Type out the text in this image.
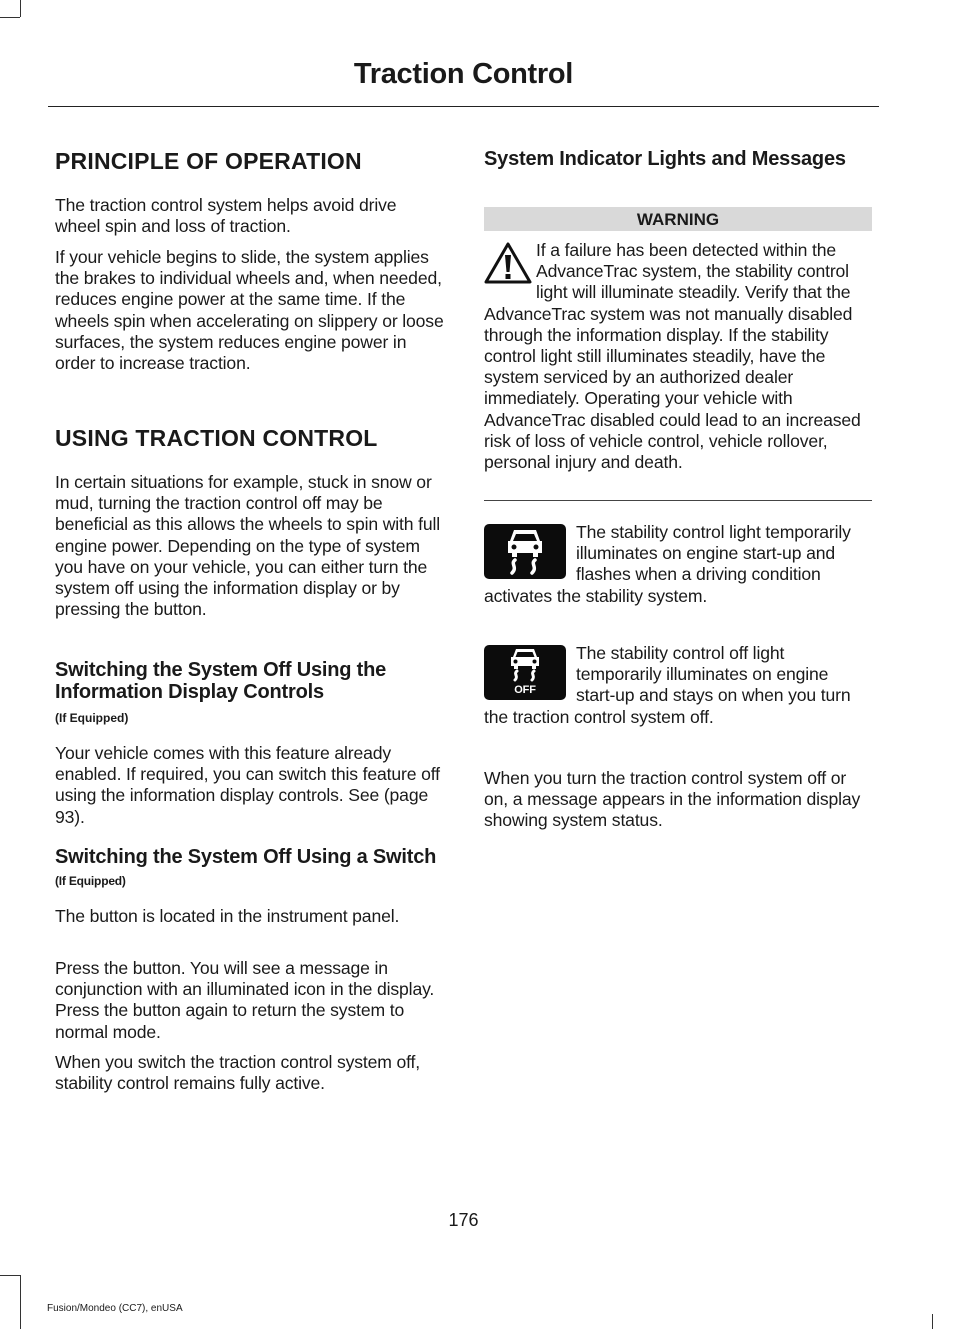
Traction Control
PRINCIPLE OF OPERATION

The traction control system helps avoid drive wheel spin and loss of traction.

If your vehicle begins to slide, the system applies the brakes to individual wheels and, when needed, reduces engine power at the same time. If the wheels spin when accelerating on slippery or loose surfaces, the system reduces engine power in order to increase traction.

USING TRACTION CONTROL

In certain situations for example, stuck in snow or mud, turning the traction control off may be beneficial as this allows the wheels to spin with full engine power. Depending on the type of system you have on your vehicle, you can either turn the system off using the information display or by pressing the button.

Switching the System Off Using the Information Display Controls
(If Equipped)

Your vehicle comes with this feature already enabled. If required, you can switch this feature off using the information display controls. See (page 93).

Switching the System Off Using a Switch (If Equipped)

The button is located in the instrument panel.

Press the button. You will see a message in conjunction with an illuminated icon in the display. Press the button again to return the system to normal mode.

When you switch the traction control system off, stability control remains fully active.

System Indicator Lights and Messages
WARNING
If a failure has been detected within the AdvanceTrac system, the stability control light will illuminate steadily. Verify that the AdvanceTrac system was not manually disabled through the information display. If the stability control light still illuminates steadily, have the system serviced by an authorized dealer immediately. Operating your vehicle with AdvanceTrac disabled could lead to an increased risk of loss of vehicle control, vehicle rollover, personal injury and death.
The stability control light temporarily illuminates on engine start-up and flashes when a driving condition activates the stability system.
OFF
The stability control off light temporarily illuminates on engine start-up and stays on when you turn the traction control system off.

When you turn the traction control system off or on, a message appears in the information display showing system status.

176
Fusion/Mondeo (CC7), enUSA
